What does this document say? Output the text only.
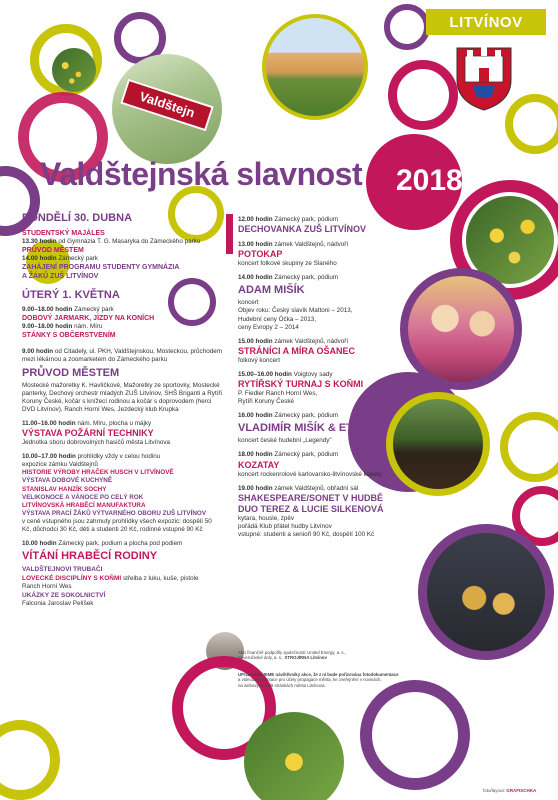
Valdštejn
LITVÍNOV
Valdštejnská slavnost 2018
PONDĚLÍ 30. DUBNA
STUDENTSKÝ MAJÁLES
13.30 hodin od Gymnázia T. G. Masaryka do Zámeckého parku
PRŮVOD MĚSTEM
14.00 hodin Zámecký park
ZAHÁJENÍ PROGRAMU STUDENTY GYMNÁZIA
A ŽÁKŮ ZUŠ LITVÍNOV
ÚTERÝ 1. KVĚTNA
9.00–18.00 hodin Zámecký park
DOBOVÝ JARMARK, JÍZDY NA KONÍCH
9.00–18.00 hodin nám. Míru
STÁNKY S OBČERSTVENÍM
9.00 hodin od Citadely, ul. PKH, Valdštejnskou, Mosteckou, průchodem mezi lékárnou a zoomarketem do Zámeckého parku
PRŮVOD MĚSTEM
Mostecké mažoretky K. Havlíčkové, Mažoretky ze sportovky, Mostecké panterky, Dechový orchestr mladých ZUŠ Litvínov, SHŠ Briganti a Rytíři Koruny České, kočár s knížecí rodinou a kočár s doprovodem (herci DVD Litvínov), Ranch Horní Wes, Jezdecký klub Krupka
11.00–16.00 hodin nám. Míru, plocha u májky
VÝSTAVA POŽÁRNÍ TECHNIKY
Jednotka sboru dobrovolných hasičů města Litvínova
10.00–17.00 hodin prohlídky vždy v celou hodinu
expozice zámku Valdštejnů
HISTORIE VÝROBY HRAČEK HUSCH V LITVÍNOVĚ
VÝSTAVA DOBOVÉ KUCHYNĚ
STANISLAV HANZÍK SOCHY
VELIKONOCE A VÁNOCE PO CELÝ ROK
LITVÍNOVSKÁ HRABĚCÍ MANUFAKTURA
VÝSTAVA PRACÍ ŽÁKŮ VÝTVARNÉHO OBORU ZUŠ LITVÍNOV
v ceně vstupného jsou zahrnuty prohlídky všech expozic: dospělí 50 Kč, důchodci 30 Kč, děti a studenti 20 Kč, rodinné vstupné 90 Kč
10.00 hodin Zámecký park, podium a plocha pod podiem
VÍTÁNÍ HRABĚCÍ RODINY
VALDŠTEJNOVI TRUBAČI
LOVECKÉ DISCIPLÍNY S KOŇMI střelba z luku, kuše, pistole
Ranch Horní Wes
UKÁZKY ZE SOKOLNICTVÍ
Falconia Jaroslav Pelíšek
12.00 hodin Zámecký park, pódium
DECHOVANKA ZUŠ LITVÍNOV
13.00 hodin zámek Valdštejnů, nádvoří
POTOKAP
koncert folkové skupiny ze Slaného
14.00 hodin Zámecký park, pódium
ADAM MIŠÍK
koncert
Objev roku: Český slavík Mattoni – 2013,
Hudební ceny Óčka – 2013,
ceny Evropy 2 – 2014
15.00 hodin zámek Valdštejnů, nádvoří
STRÁNÍCI A MÍRA OŠANEC
folkový koncert
15.00–16.00 hodin Voigtovy sady
RYTÍŘSKÝ TURNAJ S KOŇMI
P. Fiedler Ranch Horní Wes,
Rytíři Koruny České
16.00 hodin Zámecký park, pódium
VLADIMÍR MIŠÍK & ETC
koncert české hudební „Legendy"
18.00 hodin Zámecký park, pódium
KOZATAY
koncert rockenrolové karlovarsko-litvínovské kapely
19.00 hodin zámek Valdštejnů, obřadní sál
SHAKESPEARE/SONET V HUDBĚ
DUO TEREZ & LUCIE SILKENOVÁ
kytara, housle, zpěv
pořádá Klub přátel hudby Litvínov
vstupné: studenti a senioři 90 Kč, dospělí 100 Kč
Akci finančně podpořily společnosti: United Energy, a. s.,
Severočeské doly, a. s., STROJÍRNA Litvínov
UPOZORŇUJEME návštěvníky akce, že z ní bude pořizována fotodokumentace
a videodokumentace pro účely propagace města, ke zveřejnění v novinách,
na webových a FB stránkách města Litvínova.
foto/layout: GRAFISCHKA
